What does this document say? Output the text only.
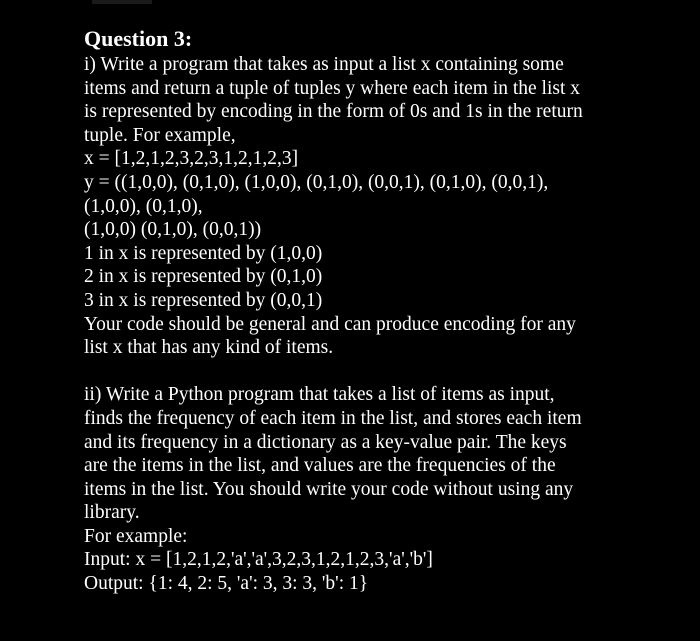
Question 3:
i) Write a program that takes as input a list x containing some
items and return a tuple of tuples y where each item in the list x
is represented by encoding in the form of 0s and 1s in the return
tuple. For example,
x = [1,2,1,2,3,2,3,1,2,1,2,3]
y = ((1,0,0), (0,1,0), (1,0,0), (0,1,0), (0,0,1), (0,1,0), (0,0,1),
(1,0,0), (0,1,0),
(1,0,0) (0,1,0), (0,0,1))
1 in x is represented by (1,0,0)
2 in x is represented by (0,1,0)
3 in x is represented by (0,0,1)
Your code should be general and can produce encoding for any
list x that has any kind of items.
ii) Write a Python program that takes a list of items as input,
finds the frequency of each item in the list, and stores each item
and its frequency in a dictionary as a key-value pair. The keys
are the items in the list, and values are the frequencies of the
items in the list. You should write your code without using any
library.
For example:
Input: x = [1,2,1,2,'a','a',3,2,3,1,2,1,2,3,'a','b']
Output: {1: 4, 2: 5, 'a': 3, 3: 3, 'b': 1}
